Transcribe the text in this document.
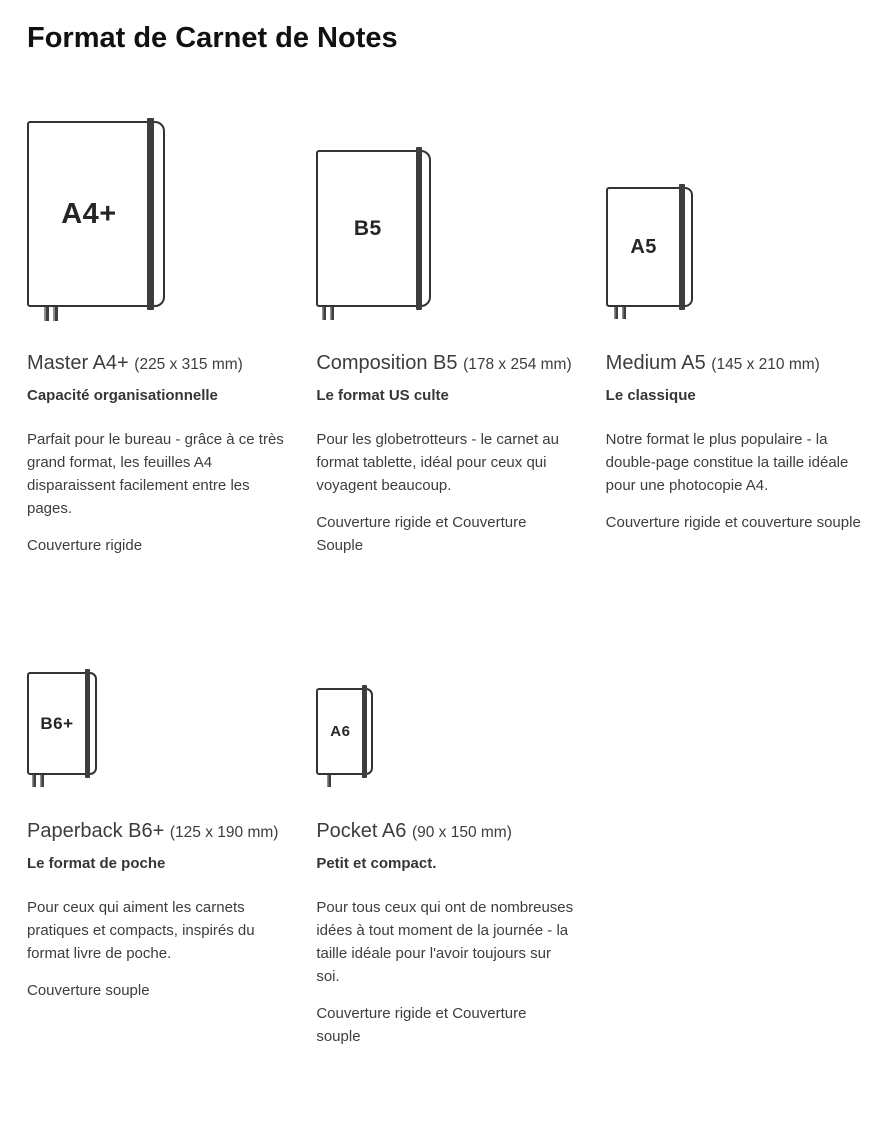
Format de Carnet de Notes
A4+
Master A4+ (225 x 315 mm)

Capacité organisationnelle

Parfait pour le bureau - grâce à ce très grand format, les feuilles A4 disparaissent facilement entre les pages.

Couverture rigide

B5
Composition B5 (178 x 254 mm)

Le format US culte

Pour les globetrotteurs - le carnet au format tablette, idéal pour ceux qui voyagent beaucoup.

Couverture rigide et Couverture Souple

A5
Medium A5 (145 x 210 mm)

Le classique

Notre format le plus populaire - la double-page constitue la taille idéale pour une photocopie A4.

Couverture rigide et couverture souple

B6+
Paperback B6+ (125 x 190 mm)

Le format de poche

Pour ceux qui aiment les carnets pratiques et compacts, inspirés du format livre de poche.

Couverture souple

A6
Pocket A6 (90 x 150 mm)

Petit et compact.

Pour tous ceux qui ont de nombreuses idées à tout moment de la journée - la taille idéale pour l'avoir toujours sur soi.

Couverture rigide et Couverture souple
